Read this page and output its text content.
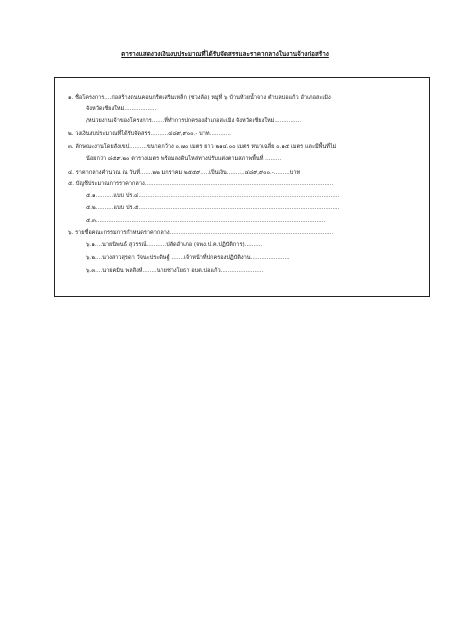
ตารางแสดงวงเงินงบประมาณที่ได้รับจัดสรรและราคากลางในงานจ้างก่อสร้าง
๑. ชื่อโครงการ....ก่อสร้างถนนคอนกรีตเสริมเหล็ก (ช่วงล้อ) หมู่ที่ ๖ บ้านห้วยน้ำจาง ตำบลบ่อแก้ว อำเภอสะเมิง
จังหวัดเชียงใหม่..................
/หน่วยงานเจ้าของโครงการ.......ที่ทำการปกครองอำเภอสะเมิง จังหวัดเชียงใหม่...............
๒. วงเงินงบประมาณที่ได้รับจัดสรร..........๔๘๙,๙๐๐.- บาท............
๓. ลักษณะงานโดยสังเขป..........ขนาดกว้าง ๐.๗๐ เมตร ยาว ๒๑๔.๐๐ เมตร หนาเฉลี่ย ๐.๑๕ เมตร และมีพื้นที่ไม่
น้อยกว่า ๘๕๙.๒๐ ตารางเมตร พร้อมลงดินไหล่ทางปรับแต่งตามสภาพพื้นที่ .........
๔. ราคากลางคำนวณ ณ วันที่.......๒๒ มกราคม ๒๕๕๙.....เป็นเงิน..........๔๘๙,๙๐๐.-.........บาท
๕. บัญชีประมาณการราคากลาง..........................................................................................................
๕.๑..........แบบ ปร.๔.................................................................................................................
๕.๒..........แบบ ปร.๕.................................................................................................................
๕.๓.................................................................................................................................
๖. รายชื่อคณะกรรมการกำหนดราคากลาง............................................................................................
๖.๑....นายนิพนธ์ สุวรรณ์...........ปลัดอำเภอ (จพง.ป.ค.ปฏิบัติการ)..........
๖.๒....นางสาวสุรดา วัจนะประดิษฐ์ .......เจ้าหน้าที่ปกครองปฏิบัติงาน......................
๖.๓....นายคมิน พลสิงห์........นายช่างโยธา อบต.บ่อแก้ว........................
